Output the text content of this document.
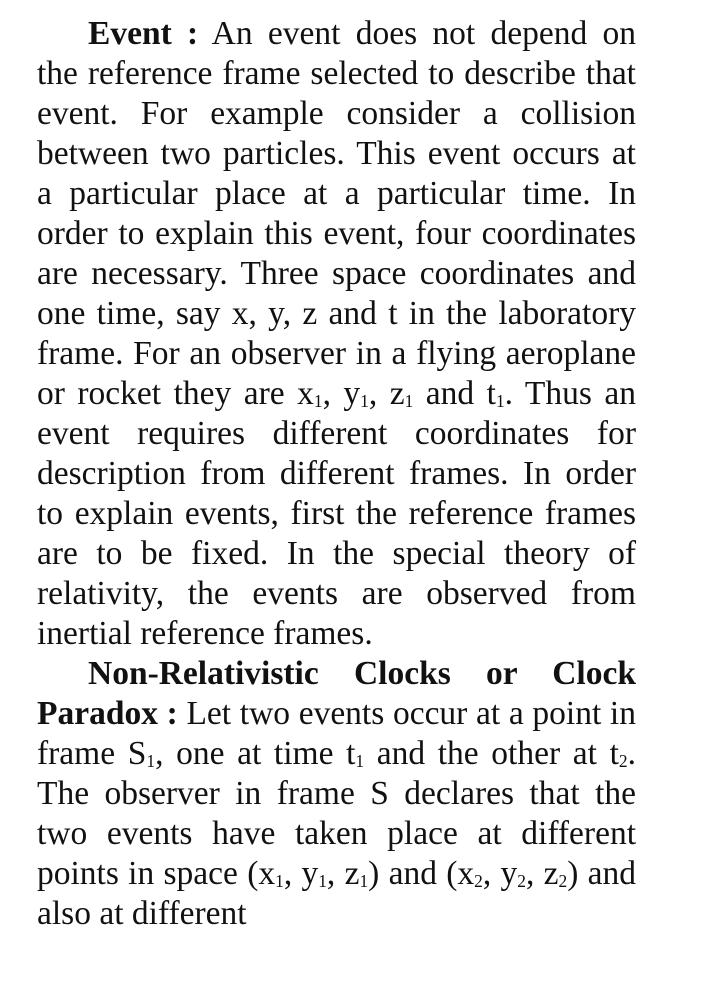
Event : An event does not depend on the reference frame selected to describe that event. For example consider a collision between two particles. This event occurs at a particular place at a particular time. In order to explain this event, four coordinates are necessary. Three space coordinates and one time, say x, y, z and t in the laboratory frame. For an observer in a flying aeroplane or rocket they are $x_1$, $y_1$, $z_1$ and $t_1$. Thus an event requires different coordinates for description from different frames. In order to explain events, first the reference frames are to be fixed. In the special theory of relativity, the events are observed from inertial reference frames.

Non-Relativistic Clocks or Clock Paradox : Let two events occur at a point in frame $S_1$, one at time $t_1$ and the other at $t_2$. The observer in frame S declares that the two events have taken place at different points in space ($x_1$, $y_1$, $z_1$) and ($x_2$, $y_2$, $z_2$) and also at different
